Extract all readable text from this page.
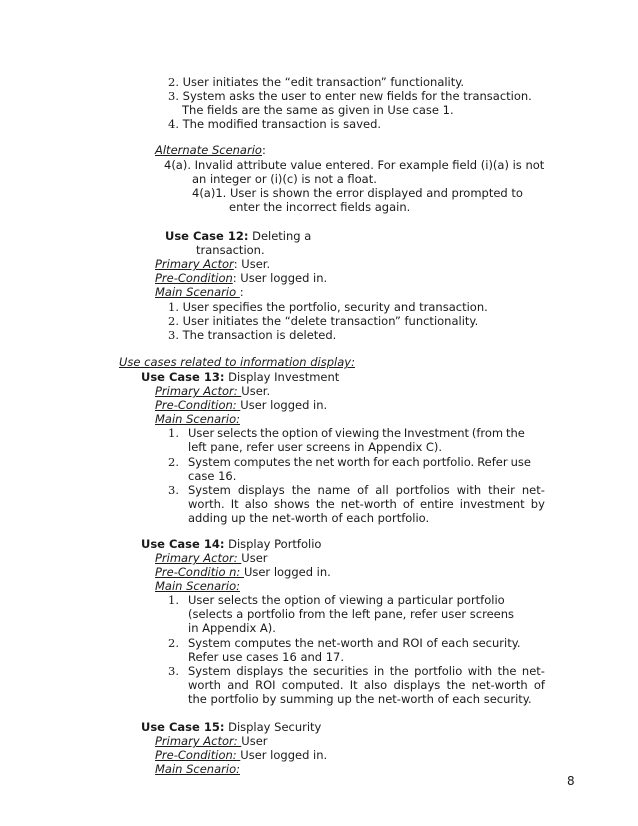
2. User initiates the “edit transaction” functionality.
3. System asks the user to enter new fields for the transaction.
The fields are the same as given in Use case 1.
4. The modified transaction is saved.
Alternate Scenario:
4(a). Invalid attribute value entered. For example field (i)(a) is not
an integer or (i)(c) is not a float.
4(a)1. User is shown the error displayed and prompted to
enter the incorrect fields again.
Use Case 12: Deleting a
transaction.
Primary Actor: User.
Pre-Condition: User logged in.
Main Scenario :
1. User specifies the portfolio, security and transaction.
2. User initiates the “delete transaction” functionality.
3. The transaction is deleted.
Use cases related to information display:
Use Case 13: Display Investment
Primary Actor: User.
Pre-Condition: User logged in.
Main Scenario:
1. User selects the option of viewing the Investment (from the
left pane, refer user screens in Appendix C).
2. System computes the net worth for each portfolio. Refer use
case 16.
3. System displays the name of all portfolios with their net-
worth. It also shows the net-worth of entire investment by
adding up the net-worth of each portfolio.
Use Case 14: Display Portfolio
Primary Actor: User
Pre-Conditio n: User logged in.
Main Scenario:
1. User selects the option of viewing a particular portfolio
(selects a portfolio from the left pane, refer user screens
in Appendix A).
2. System computes the net-worth and ROI of each security.
Refer use cases 16 and 17.
3. System displays the securities in the portfolio with the net-
worth and ROI computed. It also displays the net-worth of
the portfolio by summing up the net-worth of each security.
Use Case 15: Display Security
Primary Actor: User
Pre-Condition: User logged in.
Main Scenario:
8
